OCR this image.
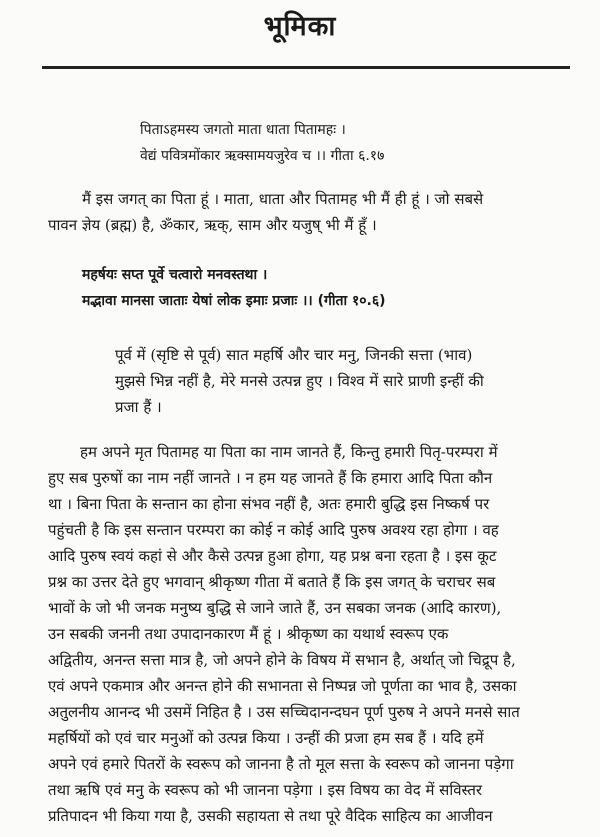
भूमिका
पिताऽहमस्य जगतो माता धाता पितामहः ।
वेद्यं पवित्रमोंकार ऋक्सामयजुरेव च ।। गीता ६.१७
मैं इस जगत् का पिता हूं । माता, धाता और पितामह भी मैं ही हूं । जो सबसे
पावन ज्ञेय (ब्रह्म) है, ॐकार, ऋक्, साम और यजुष् भी मैं हूँ ।
महर्षयः सप्त पूर्वे चत्वारो मनवस्तथा ।
मद्भावा मानसा जाताः येषां लोक इमाः प्रजाः ।। (गीता १०.६)
पूर्व में (सृष्टि से पूर्व) सात महर्षि और चार मनु, जिनकी सत्ता (भाव)
मुझसे भिन्न नहीं है, मेरे मनसे उत्पन्न हुए । विश्व में सारे प्राणी इन्हीं की
प्रजा हैं ।
हम अपने मृत पितामह या पिता का नाम जानते हैं, किन्तु हमारी पितृ-परम्परा में
हुए सब पुरुषों का नाम नहीं जानते । न हम यह जानते हैं कि हमारा आदि पिता कौन
था । बिना पिता के सन्तान का होना संभव नहीं है, अतः हमारी बुद्धि इस निष्कर्ष पर
पहुंचती है कि इस सन्तान परम्परा का कोई न कोई आदि पुरुष अवश्य रहा होगा । वह
आदि पुरुष स्वयं कहां से और कैसे उत्पन्न हुआ होगा, यह प्रश्न बना रहता है । इस कूट
प्रश्न का उत्तर देते हुए भगवान् श्रीकृष्ण गीता में बताते हैं कि इस जगत् के चराचर सब
भावों के जो भी जनक मनुष्य बुद्धि से जाने जाते हैं, उन सबका जनक (आदि कारण),
उन सबकी जननी तथा उपादानकारण मैं हूं । श्रीकृष्ण का यथार्थ स्वरूप एक
अद्वितीय, अनन्त सत्ता मात्र है, जो अपने होने के विषय में सभान है, अर्थात् जो चिद्रूप है,
एवं अपने एकमात्र और अनन्त होने की सभानता से निष्पन्न जो पूर्णता का भाव है, उसका
अतुलनीय आनन्द भी उसमें निहित है । उस सच्चिदानन्दघन पूर्ण पुरुष ने अपने मनसे सात
महर्षियों को एवं चार मनुओं को उत्पन्न किया । उन्हीं की प्रजा हम सब हैं । यदि हमें
अपने एवं हमारे पितरों के स्वरूप को जानना है तो मूल सत्ता के स्वरूप को जानना पड़ेगा
तथा ऋषि एवं मनु के स्वरूप को भी जानना पड़ेगा । इस विषय का वेद में सविस्तर
प्रतिपादन भी किया गया है, उसकी सहायता से तथा पूरे वैदिक साहित्य का आजीवन
